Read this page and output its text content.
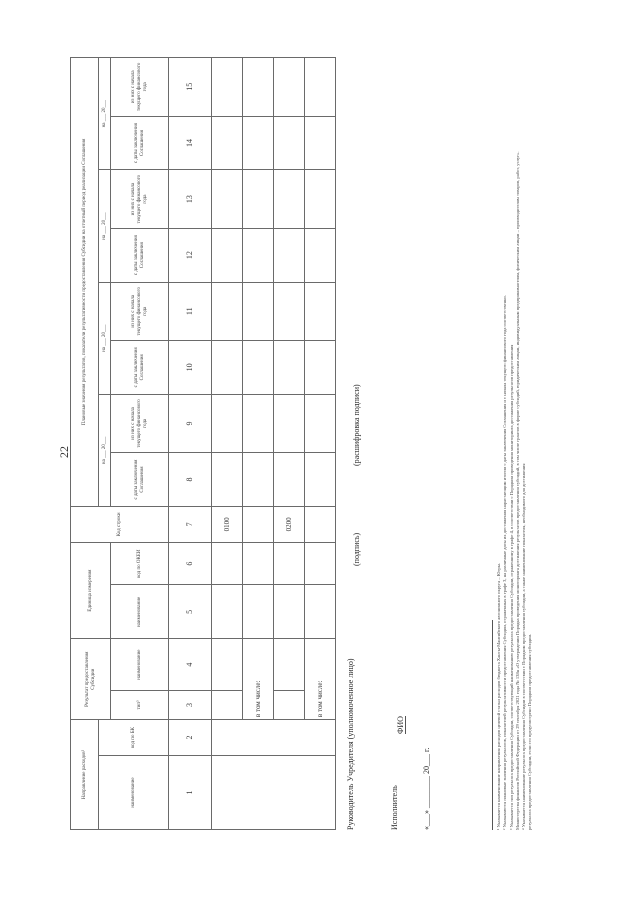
22
Направление расходов²		Результат предоставления Субсидии		Единица измерения		Код строки	Плановые значения результатов, показатели результативности предоставления Субсидии на отчетный период реализации Соглашения							
наименование	код по БК						на ___ 20___		на ___ 20___		на ___ 20___		на ___ 20___	
		тип³	наименование	наименование	код по ОКЕИ		с даты заключения Соглашения	из них с начала текущего финансового года	с даты заключения Соглашения	из них с начала текущего финансового года	с даты заключения Соглашения	из них с начала текущего финансового года	с даты заключения Соглашения	из них с начала текущего финансового года
1	2	3	4	5	6	7	8	9	10	11	12	13	14	15
						0100								
		в том числе:												
						0200								
		в том числе:													Руководитель Учредителя (уполномоченное лицо)
(подпись)
(расшифровка подписи)
Исполнитель
ФИО
«___» ________ 20___ г.	¹ Указывается наименование направления расходов целевой статьи расходов бюджета Ханты-Мансийского автономного округа – Югры. ² Указываются плановые значения результатов, показателей результативности предоставления Субсидии, отраженных в графе 3, на различные даты их достижения нарастающим итогом с даты заключения Соглашения и с начала текущего финансового года соответственно. ³ Указывается тип результата предоставления Субсидии, соответствующий наименованию результата предоставления Субсидии, отраженному в графе 4, в соответствии с Порядком проведения мониторинга достижения результатов предоставления Министерства финансов Российской Федерации от 29 сентября 2021 года № 138н «О утверждении Порядка проведения мониторинга достижения результатов предоставления субсидий, в том числе грантов в форме субсидий, юридическим лицам, индивидуальным предпринимателям, физическим лицам – производителям товаров, работ, услуг». ⁴ Указывается наименование результата предоставления Субсидии в соответствии с Порядком предоставления субсидии, а также наименование показателя, необходимого для достижения результата предоставления Субсидии, если это предусмотрено Порядком предоставления субсидии.
